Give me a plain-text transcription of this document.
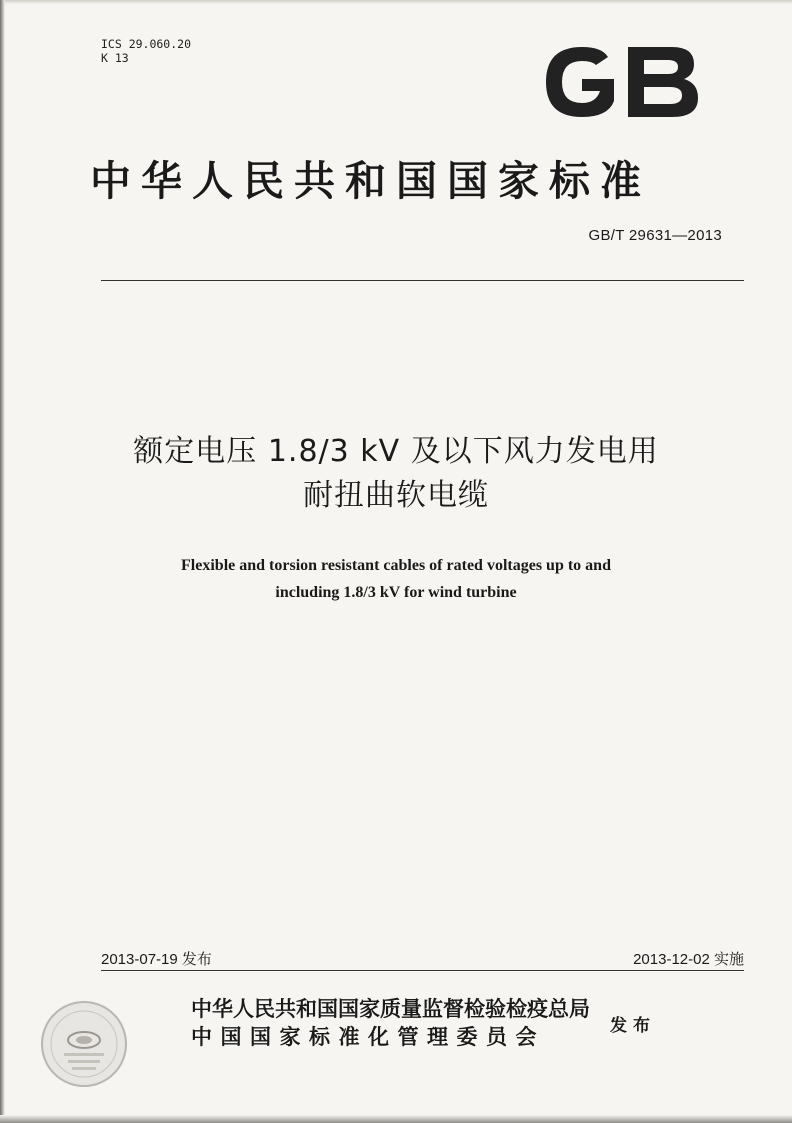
ICS 29.060.20
K 13
中华人民共和国国家标准
GB/T 29631—2013
额定电压 1.8/3 kV 及以下风力发电用
耐扭曲软电缆
Flexible and torsion resistant cables of rated voltages up to and
including 1.8/3 kV for wind turbine
2013-07-19 发布	2013-12-02 实施
中华人民共和国国家质量监督检验检疫总局
中国国家标准化管理委员会	发布
